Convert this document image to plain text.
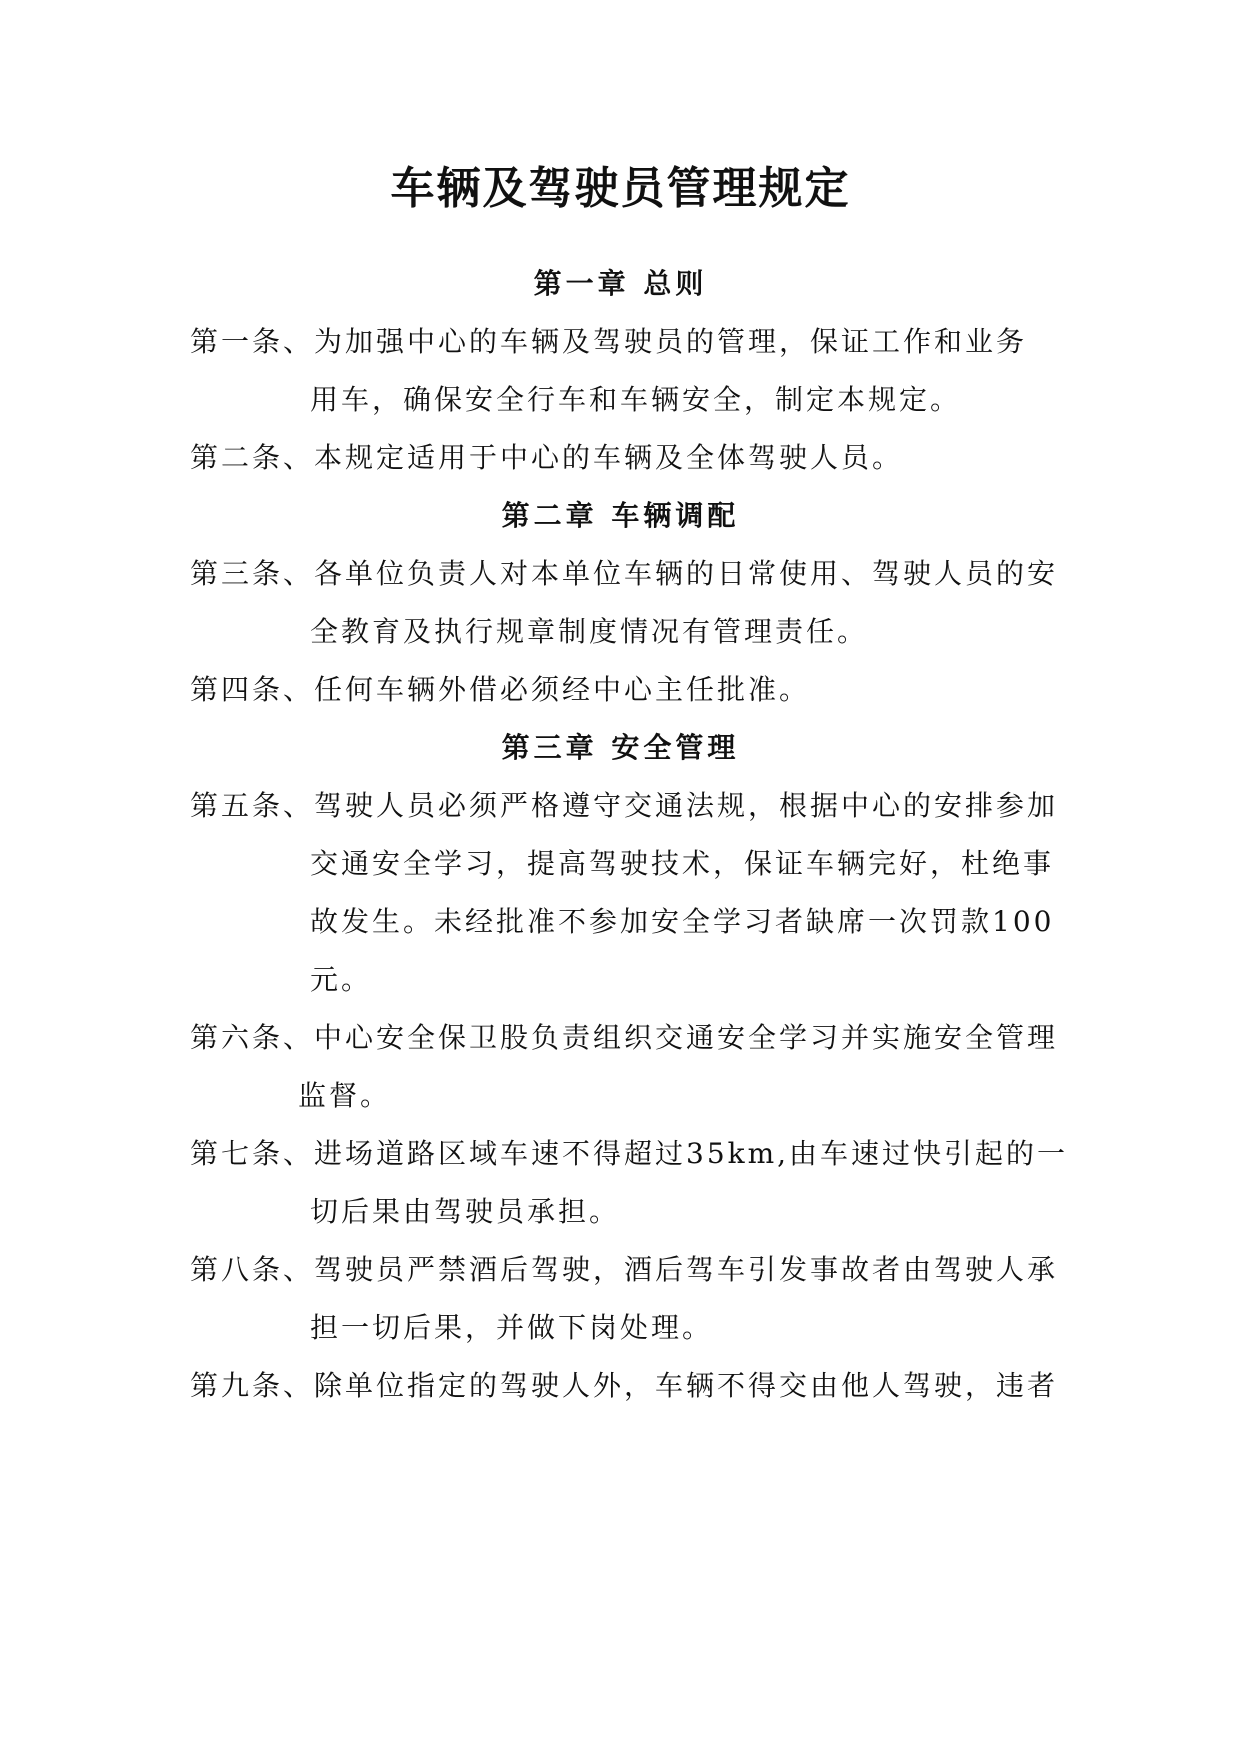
车辆及驾驶员管理规定
第一章 总则
第一条、为加强中心的车辆及驾驶员的管理，保证工作和业务
用车，确保安全行车和车辆安全，制定本规定。
第二条、本规定适用于中心的车辆及全体驾驶人员。
第二章 车辆调配
第三条、各单位负责人对本单位车辆的日常使用、驾驶人员的安
全教育及执行规章制度情况有管理责任。
第四条、任何车辆外借必须经中心主任批准。
第三章 安全管理
第五条、驾驶人员必须严格遵守交通法规，根据中心的安排参加
交通安全学习，提高驾驶技术，保证车辆完好，杜绝事
故发生。未经批准不参加安全学习者缺席一次罚款100
元。
第六条、中心安全保卫股负责组织交通安全学习并实施安全管理
监督。
第七条、进场道路区域车速不得超过35km,由车速过快引起的一
切后果由驾驶员承担。
第八条、驾驶员严禁酒后驾驶，酒后驾车引发事故者由驾驶人承
担一切后果，并做下岗处理。
第九条、除单位指定的驾驶人外，车辆不得交由他人驾驶，违者
